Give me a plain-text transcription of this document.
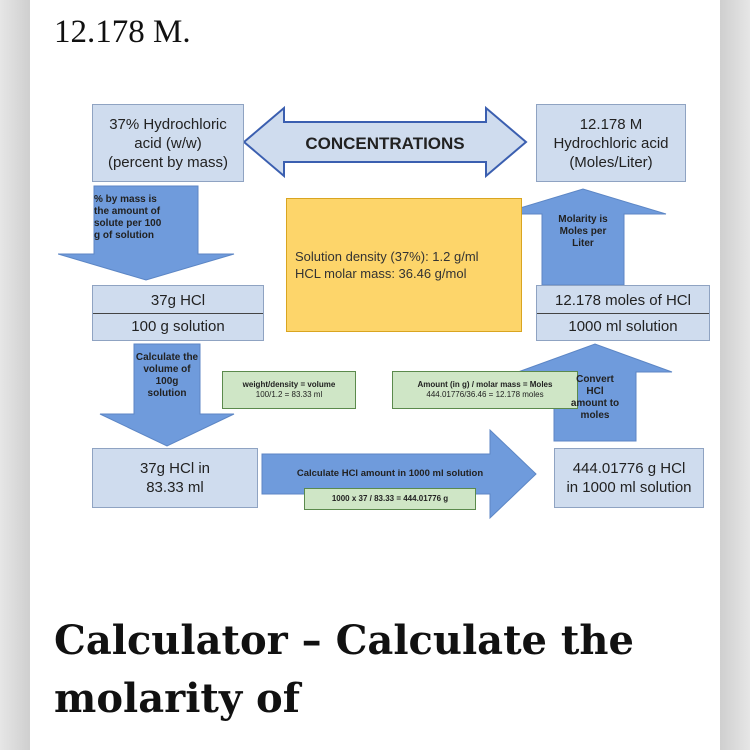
12.178 M.
37% Hydrochloric
acid (w/w)
(percent by mass)
CONCENTRATIONS
12.178 M
Hydrochloric acid
(Moles/Liter)
% by mass is
the amount of
solute per 100
g of solution
Solution density (37%): 1.2 g/ml
HCL molar mass: 36.46 g/mol
Molarity is
Moles per
Liter
37g HCl
100 g solution
12.178 moles of HCl
1000 ml solution
Calculate the
volume of
100g
solution
weight/density = volume
100/1.2 = 83.33 ml
Amount (in g) / molar mass = Moles
444.01776/36.46 = 12.178 moles
Convert
HCl
amount to
moles
37g HCl in
83.33 ml
Calculate HCl amount in 1000 ml solution
1000 x 37 / 83.33 = 444.01776 g
444.01776 g HCl
in 1000 ml solution
Calculator – Calculate the molarity of
